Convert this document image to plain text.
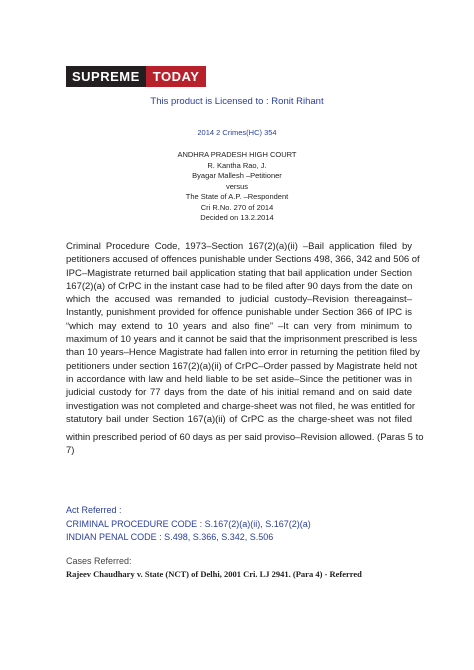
SUPREME	TODAY
This product is Licensed to : Ronit Rihant
2014 2 Crimes(HC) 354
ANDHRA PRADESH HIGH COURT
R. Kantha Rao, J.
Byagar Mallesh –Petitioner
versus
The State of A.P. –Respondent
Cri R.No. 270 of 2014
Decided on 13.2.2014
Criminal Procedure Code, 1973–Section 167(2)(a)(ii) –Bail application filed by
petitioners accused of offences punishable under Sections 498, 366, 342 and 506 of
IPC–Magistrate returned bail application stating that bail application under Section
167(2)(a) of CrPC in the instant case had to be filed after 90 days from the date on
which the accused was remanded to judicial custody–Revision thereagainst–
Instantly, punishment provided for offence punishable under Section 366 of IPC is
“which may extend to 10 years and also fine” –It can very from minimum to
maximum of 10 years and it cannot be said that the imprisonment prescribed is less
than 10 years–Hence Magistrate had fallen into error in returning the petition filed by
petitioners under section 167(2)(a)(ii) of CrPC–Order passed by Magistrate held not
in accordance with law and held liable to be set aside–Since the petitioner was in
judicial custody for 77 days from the date of his initial remand and on said date
investigation was not completed and charge-sheet was not filed, he was entitled for
statutory bail under Section 167(a)(ii) of CrPC as the charge-sheet was not filed
within prescribed period of 60 days as per said proviso–Revision allowed. (Paras 5 to
7)
Act Referred :
CRIMINAL PROCEDURE CODE : S.167(2)(a)(ii), S.167(2)(a)
INDIAN PENAL CODE : S.498, S.366, S.342, S.506
Cases Referred:
Rajeev Chaudhary v. State (NCT) of Delhi, 2001 Cri. LJ 2941. (Para 4) - Referred
